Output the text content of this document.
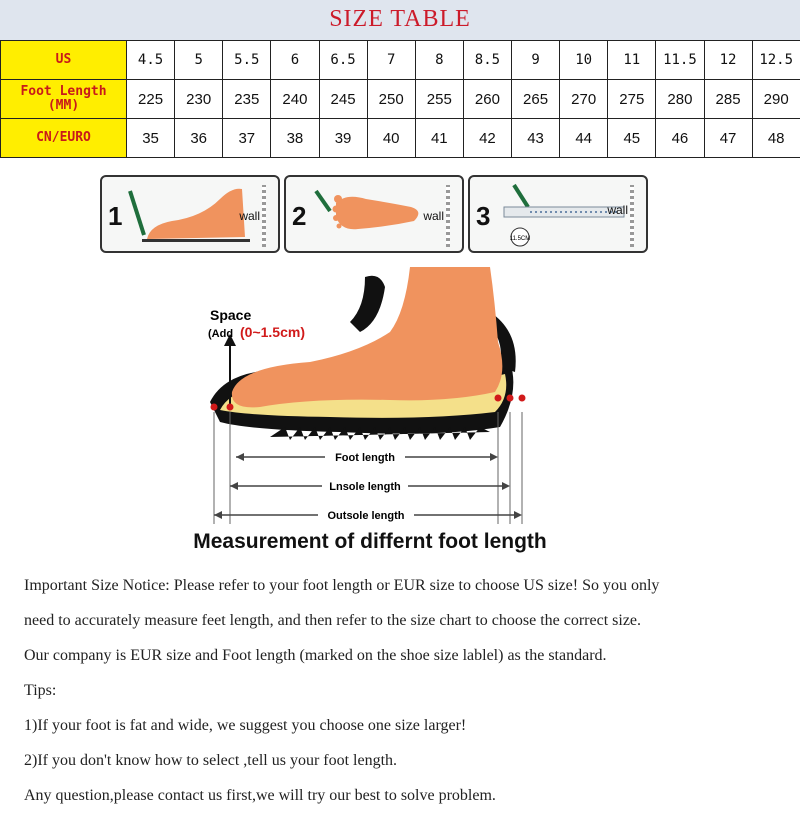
SIZE TABLE
US	4.5	5	5.5	6	6.5	7	8	8.5	9	10	11	11.5	12	12.5
Foot Length (MM)	225	230	235	240	245	250	255	260	265	270	275	280	285	290
CN/EURO	35	36	37	38	39	40	41	42	43	44	45	46	47	48
1	wall 2	wall 3
11.5CM
wall
Space
(Add (0~1.5cm)
Foot length
Lnsole length
Outsole length
Measurement of differnt foot length

Important Size Notice: Please refer to your foot length or EUR size to choose US size! So you only

need to accurately measure feet length, and then refer to the size chart to choose the correct size.

Our company is EUR size and Foot length (marked on the shoe size lablel) as the standard.

Tips:

1)If your foot is fat and wide, we suggest you choose one size larger!

2)If you don't know how to select ,tell us your foot length.

Any question,please contact us first,we will try our best to solve problem.
